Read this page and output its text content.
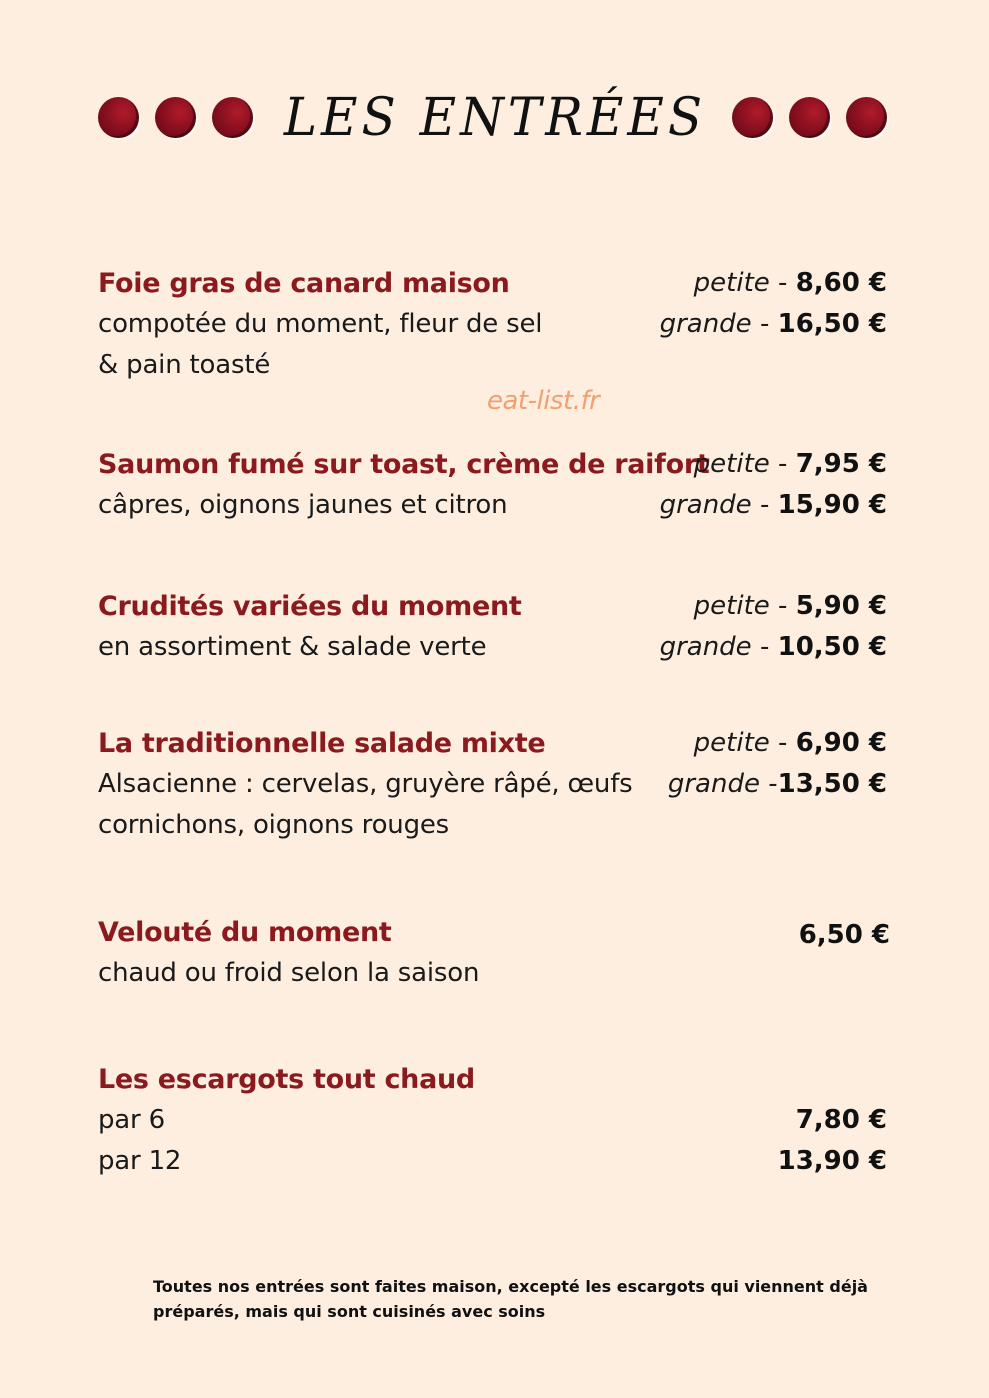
LES ENTRÉES
Foie gras de canard maison
compotée du moment, fleur de sel
& pain toasté
petite - 8,60 €
grande - 16,50 €
eat-list.fr
Saumon fumé sur toast, crème de raifort
câpres, oignons jaunes et citron
petite - 7,95 €
grande - 15,90 €
Crudités variées du moment
en assortiment & salade verte
petite - 5,90 €
grande - 10,50 €
La traditionnelle salade mixte
Alsacienne : cervelas, gruyère râpé, œufs
cornichons, oignons rouges
petite - 6,90 €
grande -13,50 €
Velouté du moment
chaud ou froid selon la saison
6,50 €
Les escargots tout chaud
par 6
par 12
7,80 €
13,90 €
Toutes nos entrées sont faites maison, excepté les escargots qui viennent déjà préparés, mais qui sont cuisinés avec soins
